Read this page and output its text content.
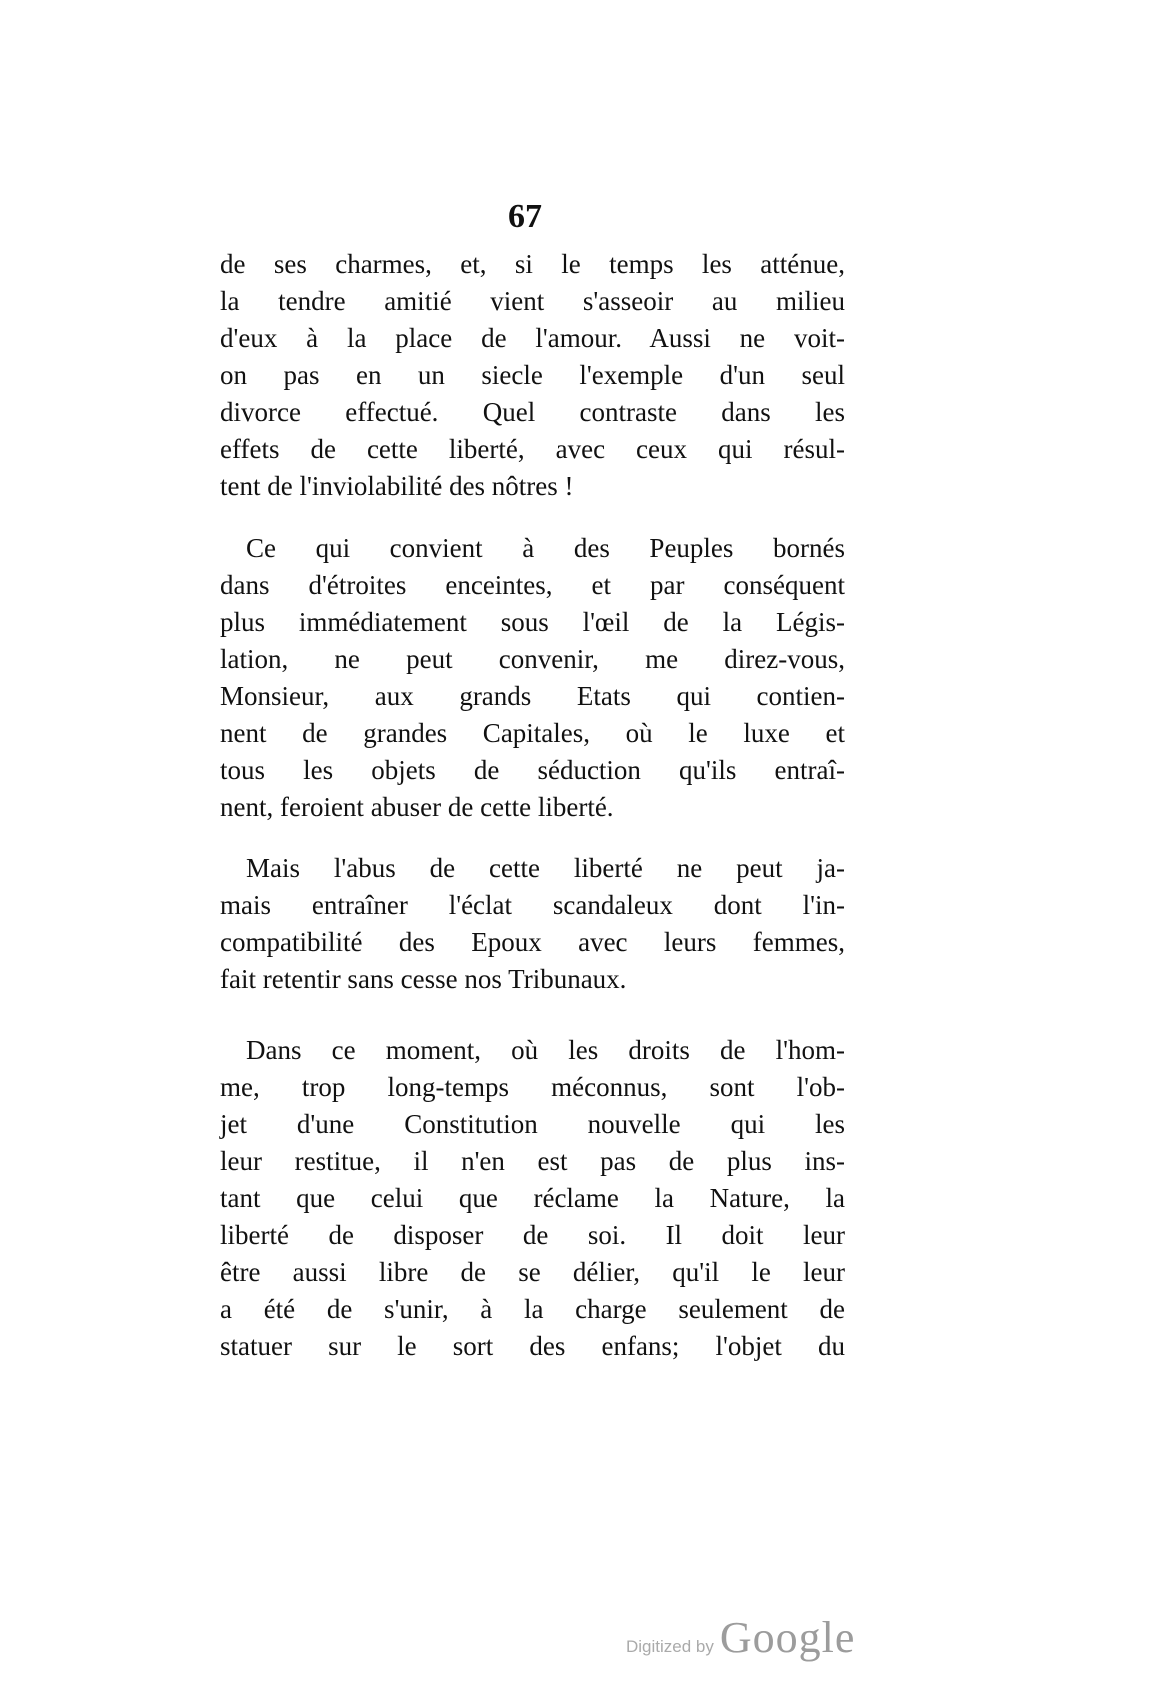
67
de ses charmes, et, si le temps les atténue,
la tendre amitié vient s'asseoir au milieu
d'eux à la place de l'amour. Aussi ne voit-
on pas en un siecle l'exemple d'un seul
divorce effectué. Quel contraste dans les
effets de cette liberté, avec ceux qui résul-
tent de l'inviolabilité des nôtres !
Ce qui convient à des Peuples bornés
dans d'étroites enceintes, et par conséquent
plus immédiatement sous l'œil de la Légis-
lation, ne peut convenir, me direz-vous,
Monsieur, aux grands Etats qui contien-
nent de grandes Capitales, où le luxe et
tous les objets de séduction qu'ils entraî-
nent, feroient abuser de cette liberté.
Mais l'abus de cette liberté ne peut ja-
mais entraîner l'éclat scandaleux dont l'in-
compatibilité des Epoux avec leurs femmes,
fait retentir sans cesse nos Tribunaux.
Dans ce moment, où les droits de l'hom-
me, trop long-temps méconnus, sont l'ob-
jet d'une Constitution nouvelle qui les
leur restitue, il n'en est pas de plus ins-
tant que celui que réclame la Nature, la
liberté de disposer de soi. Il doit leur
être aussi libre de se délier, qu'il le leur
a été de s'unir, à la charge seulement de
statuer sur le sort des enfans; l'objet du
Digitized by Google
